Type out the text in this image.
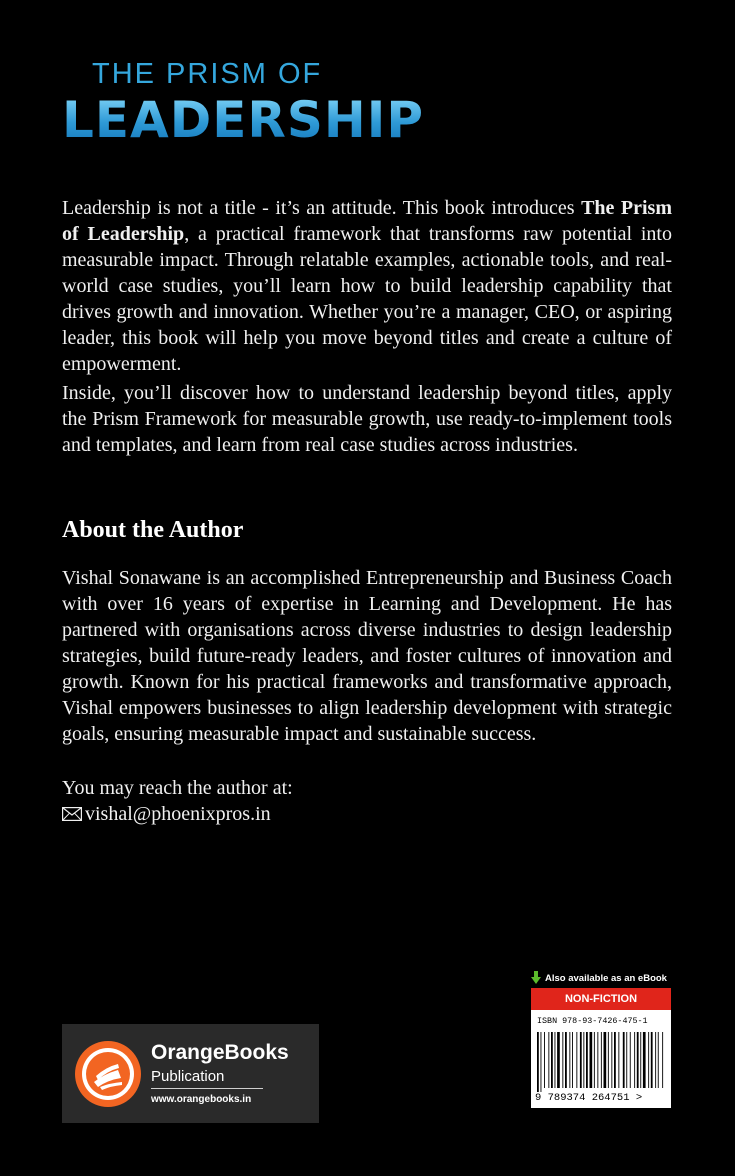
THE PRISM OF
LEADERSHIP

Leadership is not a title - it’s an attitude. This book introduces The Prism of Leadership, a practical framework that transforms raw potential into measurable impact. Through relatable examples, actionable tools, and real- world case studies, you’ll learn how to build leadership capability that drives growth and innovation. Whether you’re a manager, CEO, or aspiring leader, this book will help you move beyond titles and create a culture of empowerment.

Inside, you’ll discover how to understand leadership beyond titles, apply the Prism Framework for measurable growth, use ready-to-implement tools and templates, and learn from real case studies across industries.

About the Author

Vishal Sonawane is an accomplished Entrepreneurship and Business Coach with over 16 years of expertise in Learning and Development. He has partnered with organisations across diverse industries to design leadership strategies, build future-ready leaders, and foster cultures of innovation and growth. Known for his practical frameworks and transformative approach, Vishal empowers businesses to align leadership development with strategic goals, ensuring measurable impact and sustainable success.

You may reach the author at:
vishal@phoenixpros.in
OrangeBooks
Publication
www.orangebooks.in
Also available as an eBook
NON-FICTION
ISBN 978-93-7426-475-1
9 789374 264751 >
